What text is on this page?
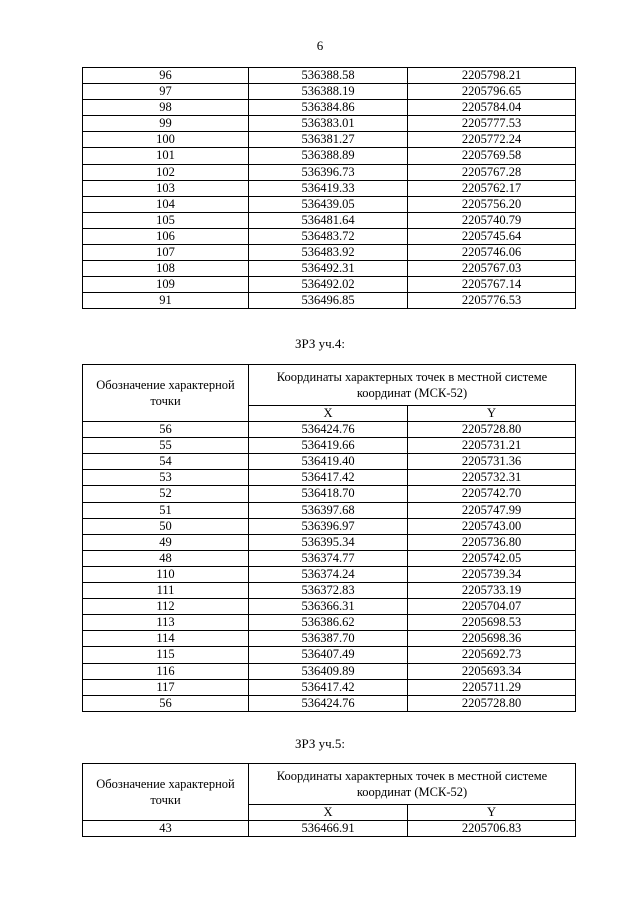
6
96	536388.58	2205798.21
97	536388.19	2205796.65
98	536384.86	2205784.04
99	536383.01	2205777.53
100	536381.27	2205772.24
101	536388.89	2205769.58
102	536396.73	2205767.28
103	536419.33	2205762.17
104	536439.05	2205756.20
105	536481.64	2205740.79
106	536483.72	2205745.64
107	536483.92	2205746.06
108	536492.31	2205767.03
109	536492.02	2205767.14
91	536496.85	2205776.53
ЗРЗ уч.4:
Обозначение характерной точки	Координаты характерных точек в местной системе координат (МСК-52)	
	X	Y
56	536424.76	2205728.80
55	536419.66	2205731.21
54	536419.40	2205731.36
53	536417.42	2205732.31
52	536418.70	2205742.70
51	536397.68	2205747.99
50	536396.97	2205743.00
49	536395.34	2205736.80
48	536374.77	2205742.05
110	536374.24	2205739.34
111	536372.83	2205733.19
112	536366.31	2205704.07
113	536386.62	2205698.53
114	536387.70	2205698.36
115	536407.49	2205692.73
116	536409.89	2205693.34
117	536417.42	2205711.29
56	536424.76	2205728.80
ЗРЗ уч.5:
Обозначение характерной точки	Координаты характерных точек в местной системе координат (МСК-52)	
	X	Y
43	536466.91	2205706.83
